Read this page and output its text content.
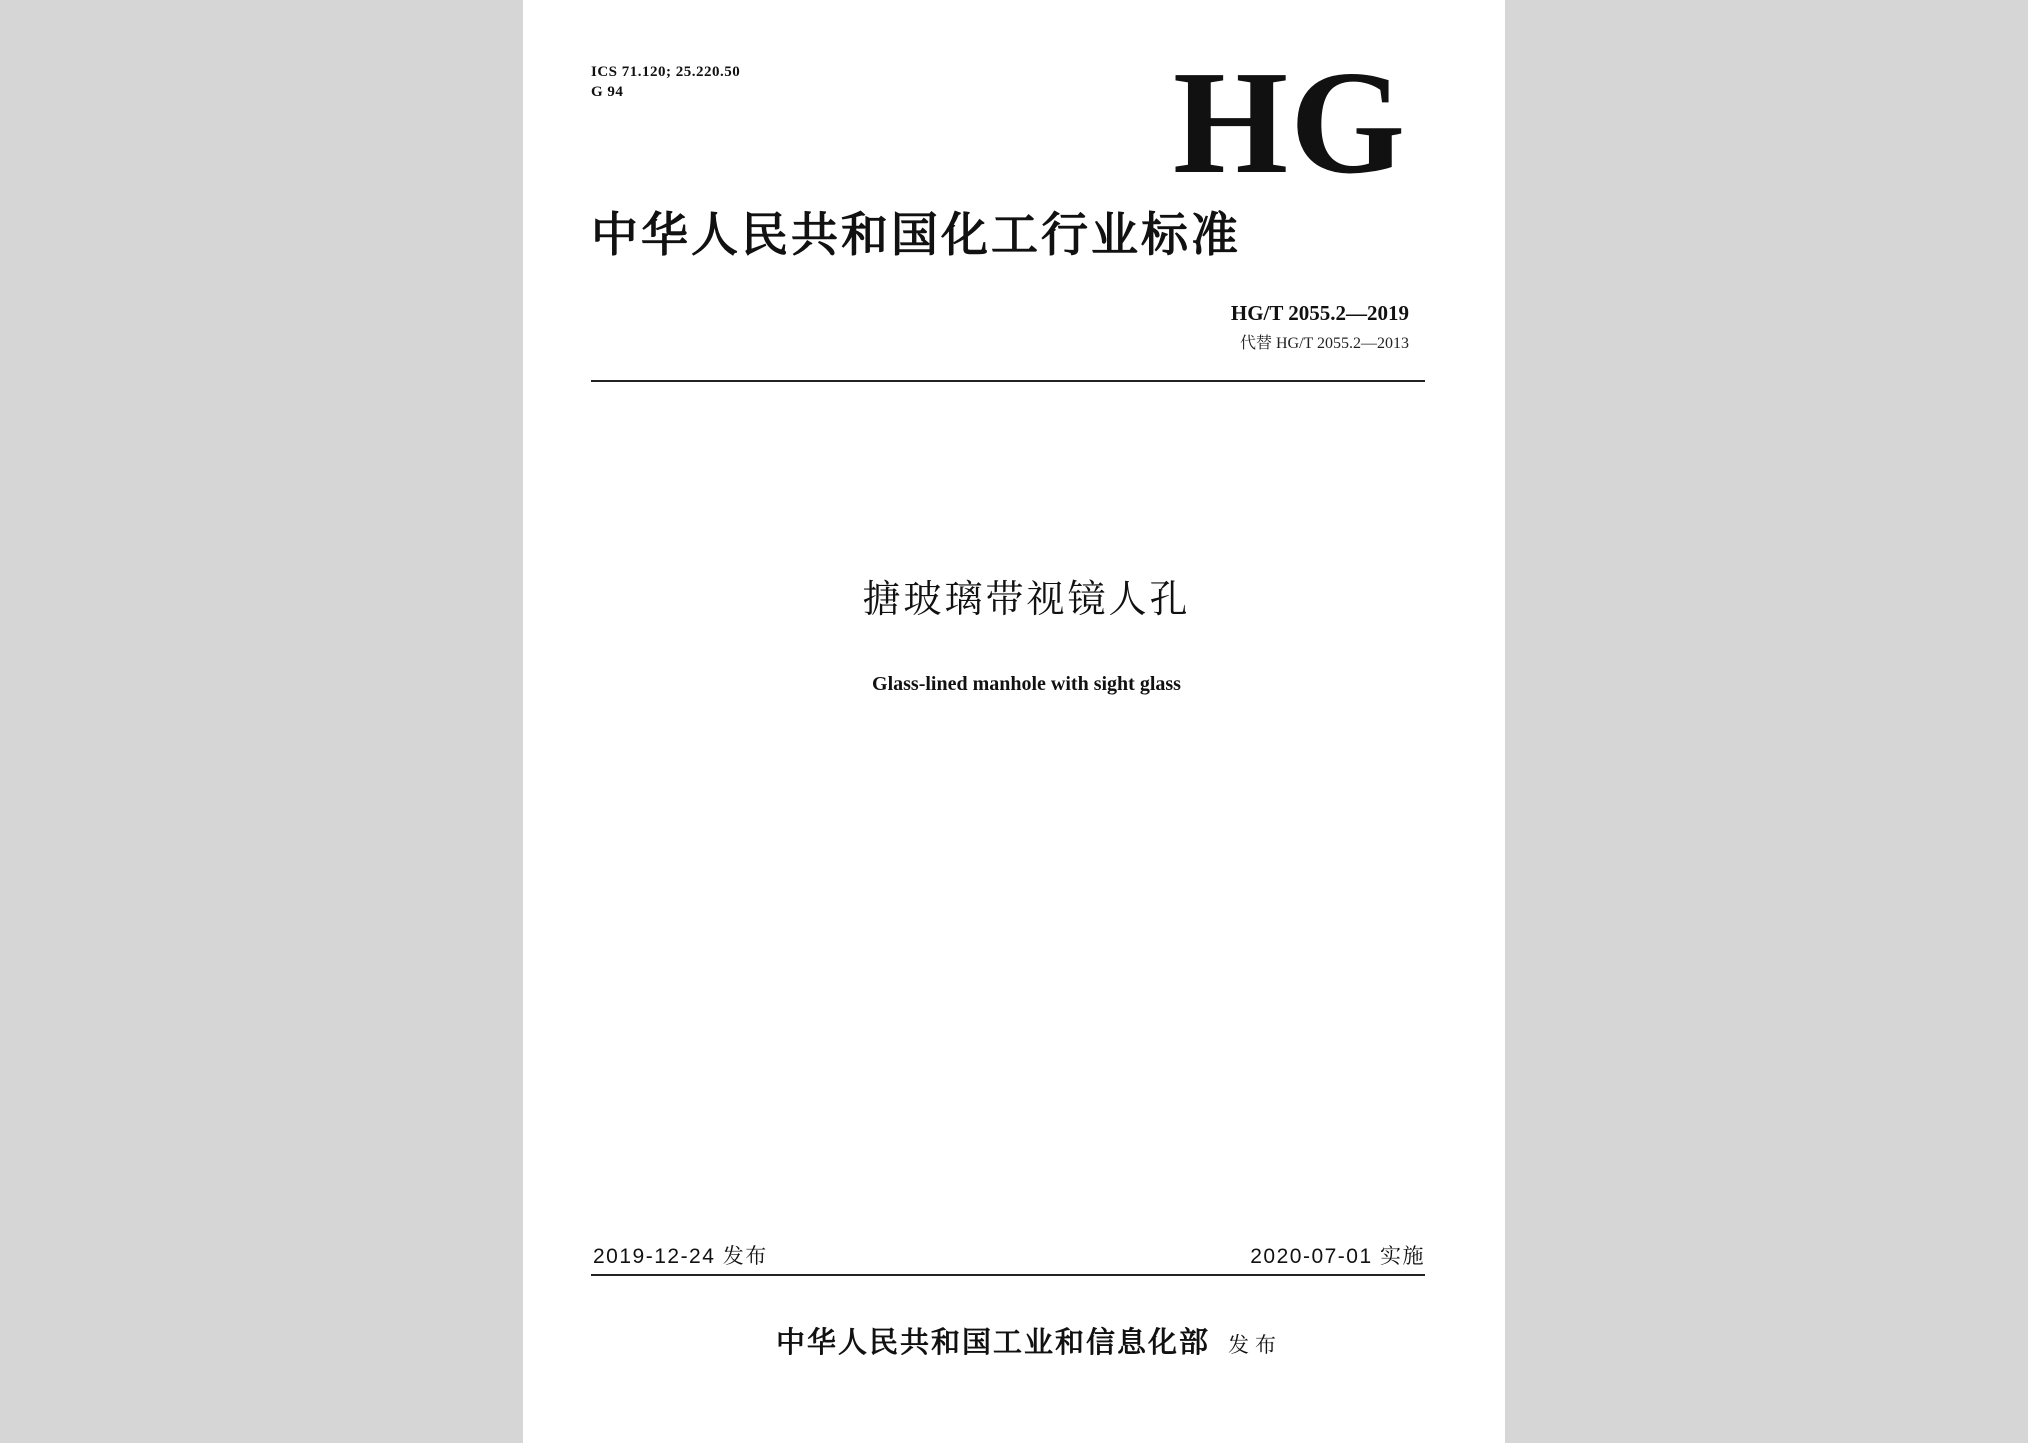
ICS 71.120; 25.220.50
G 94	HG
中华人民共和国化工行业标准
HG/T 2055.2—2019
代替 HG/T 2055.2—2013
搪玻璃带视镜人孔
Glass-lined manhole with sight glass
2019-12-24 发布	2020-07-01 实施
中华人民共和国工业和信息化部 发布
